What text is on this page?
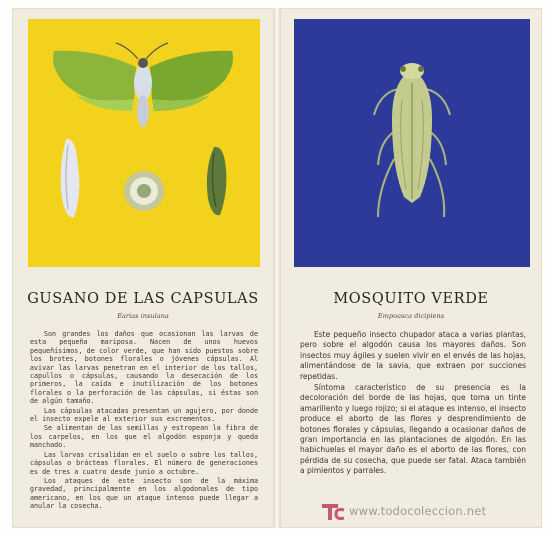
GUSANO DE LAS CAPSULAS
Earias insulana

Son grandes los daños que ocasionan las larvas de esta pequeña mariposa. Nacen de unos huevos pequeñísimos, de color verde, que han sido puestos sobre los brotes, botones florales o jóvenes cápsulas. Al avivar las larvas penetran en el interior de los tallos, capullos o cápsulas, causando la desecación de los primeros, la caída e inutilización de los botones florales o la perforación de las cápsulas, si éstas son de algún tamaño.

Las cápsulas atacadas presentan un agujero, por donde el insecto expele al exterior sus excrementos.

Se alimentan de las semillas y estropean la fibra de los carpelos, en los que el algodón esponja y queda manchado.

Las larvas crisalidan en el suelo o sobre los tallos, cápsulas o brácteas florales. El número de generaciones es de tres a cuatro desde junio a octubre.

Los ataques de este insecto son de la máxima gravedad, principalmente en los algodonales de tipo americano, en los que un ataque intenso puede llegar a anular la cosecha.

MOSQUITO VERDE
Empoasca dicipiens

Este pequeño insecto chupador ataca a varias plantas, pero sobre el algodón causa los mayores daños. Son insectos muy ágiles y suelen vivir en el envés de las hojas, alimentándose de la savia, que extraen por succiones repetidas.

Síntoma característico de su presencia es la decoloración del borde de las hojas, que toma un tinte amarillento y luego rojizo; si el ataque es intenso, el insecto produce el aborto de las flores y desprendimiento de botones florales y cápsulas, llegando a ocasionar daños de gran importancia en las plantaciones de algodón. En las habichuelas el mayor daño es el aborto de las flores, con pérdida de su cosecha, que puede ser fatal. Ataca también a pimientos y parrales.

www.todocoleccion.net
